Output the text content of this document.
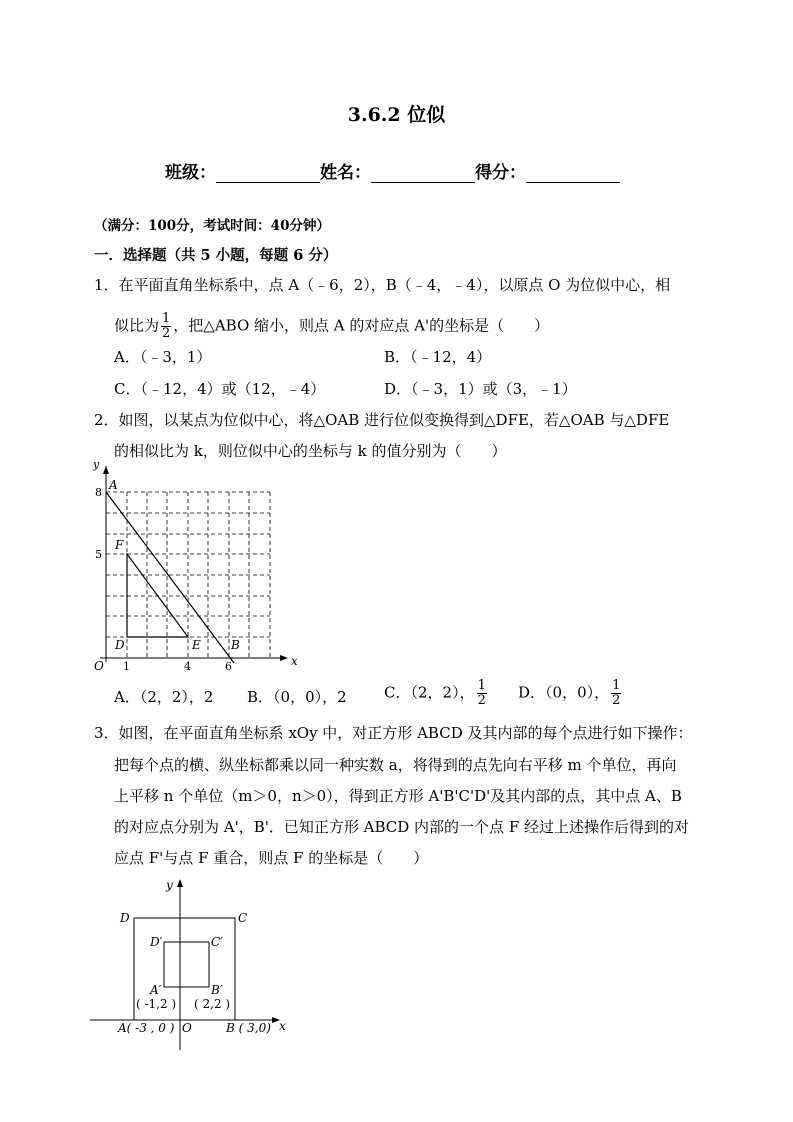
3.6.2 位似
班级：	姓名：	得分：
（满分：100分，考试时间：40分钟）
一．选择题（共 5 小题，每题 6 分）
1．在平面直角坐标系中，点 A（﹣6，2），B（﹣4，﹣4），以原点 O 为位似中心，相
似比为 $\frac{1}{2}$ ，把△ABO 缩小，则点 A 的对应点 A'的坐标是（　　）
A．（﹣3，1）	B．（﹣12，4）
C．（﹣12，4）或（12，﹣4）	D．（﹣3，1）或（3，﹣1）
2．如图，以某点为位似中心，将△OAB 进行位似变换得到△DFE，若△OAB 与△DFE
的相似比为 k，则位似中心的坐标与 k 的值分别为（　　）
y
x
O
A
F
D	E	B
8
5
1	4	6
A．（2，2），2 B．（0，0），2 C．（2，2）， $\frac{1}{2}$ D．（0，0）， $\frac{1}{2}$
3．如图，在平面直角坐标系 xOy 中，对正方形 ABCD 及其内部的每个点进行如下操作：
把每个点的横、纵坐标都乘以同一种实数 a，将得到的点先向右平移 m 个单位，再向
上平移 n 个单位（m＞0，n＞0），得到正方形 A'B'C'D'及其内部的点，其中点 A、B
的对应点分别为 A'，B'．已知正方形 ABCD 内部的一个点 F 经过上述操作后得到的对
应点 F'与点 F 重合，则点 F 的坐标是（　　）
y
x
O
D	C
D′	C′
A′	B′
( -1,2 ) ( 2,2 )
A( -3 , 0 )	B ( 3,0)
